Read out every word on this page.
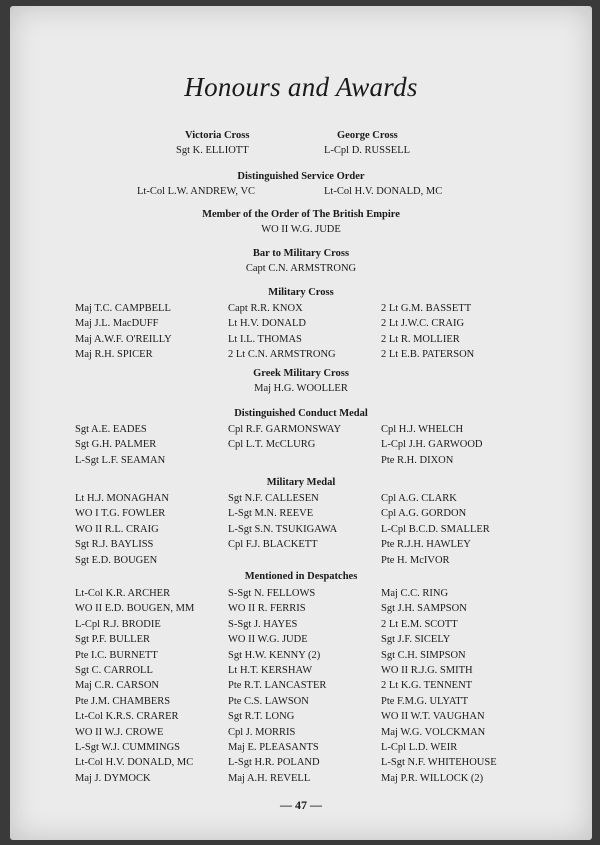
Honours and Awards
Victoria Cross
Sgt K. ELLIOTT
George Cross
L-Cpl D. RUSSELL
Distinguished Service Order
Lt-Col L.W. ANDREW, VC	Lt-Col H.V. DONALD, MC
Member of the Order of The British Empire
WO II W.G. JUDE
Bar to Military Cross
Capt C.N. ARMSTRONG
Military Cross
Maj T.C. CAMPBELL
Maj J.L. MacDUFF
Maj A.W.F. O'REILLY
Maj R.H. SPICER
Capt R.R. KNOX
Lt H.V. DONALD
Lt I.L. THOMAS
2 Lt C.N. ARMSTRONG
2 Lt G.M. BASSETT
2 Lt J.W.C. CRAIG
2 Lt R. MOLLIER
2 Lt E.B. PATERSON
Greek Military Cross
Maj H.G. WOOLLER
Distinguished Conduct Medal
Sgt A.E. EADES
Sgt G.H. PALMER
L-Sgt L.F. SEAMAN
Cpl R.F. GARMONSWAY
Cpl L.T. McCLURG
Cpl H.J. WHELCH
L-Cpl J.H. GARWOOD
Pte R.H. DIXON
Military Medal
Lt H.J. MONAGHAN
WO I T.G. FOWLER
WO II R.L. CRAIG
Sgt R.J. BAYLISS
Sgt E.D. BOUGEN
Sgt N.F. CALLESEN
L-Sgt M.N. REEVE
L-Sgt S.N. TSUKIGAWA
Cpl F.J. BLACKETT
Cpl A.G. CLARK
Cpl A.G. GORDON
L-Cpl B.C.D. SMALLER
Pte R.J.H. HAWLEY
Pte H. McIVOR
Mentioned in Despatches
Lt-Col K.R. ARCHER
WO II E.D. BOUGEN, MM
L-Cpl R.J. BRODIE
Sgt P.F. BULLER
Pte I.C. BURNETT
Sgt C. CARROLL
Maj C.R. CARSON
Pte J.M. CHAMBERS
Lt-Col K.R.S. CRARER
WO II W.J. CROWE
L-Sgt W.J. CUMMINGS
Lt-Col H.V. DONALD, MC
Maj J. DYMOCK
S-Sgt N. FELLOWS
WO II R. FERRIS
S-Sgt J. HAYES
WO II W.G. JUDE
Sgt H.W. KENNY (2)
Lt H.T. KERSHAW
Pte R.T. LANCASTER
Pte C.S. LAWSON
Sgt R.T. LONG
Cpl J. MORRIS
Maj E. PLEASANTS
L-Sgt H.R. POLAND
Maj A.H. REVELL
Maj C.C. RING
Sgt J.H. SAMPSON
2 Lt E.M. SCOTT
Sgt J.F. SICELY
Sgt C.H. SIMPSON
WO II R.J.G. SMITH
2 Lt K.G. TENNENT
Pte F.M.G. ULYATT
WO II W.T. VAUGHAN
Maj W.G. VOLCKMAN
L-Cpl L.D. WEIR
L-Sgt N.F. WHITEHOUSE
Maj P.R. WILLOCK (2)
— 47 —
